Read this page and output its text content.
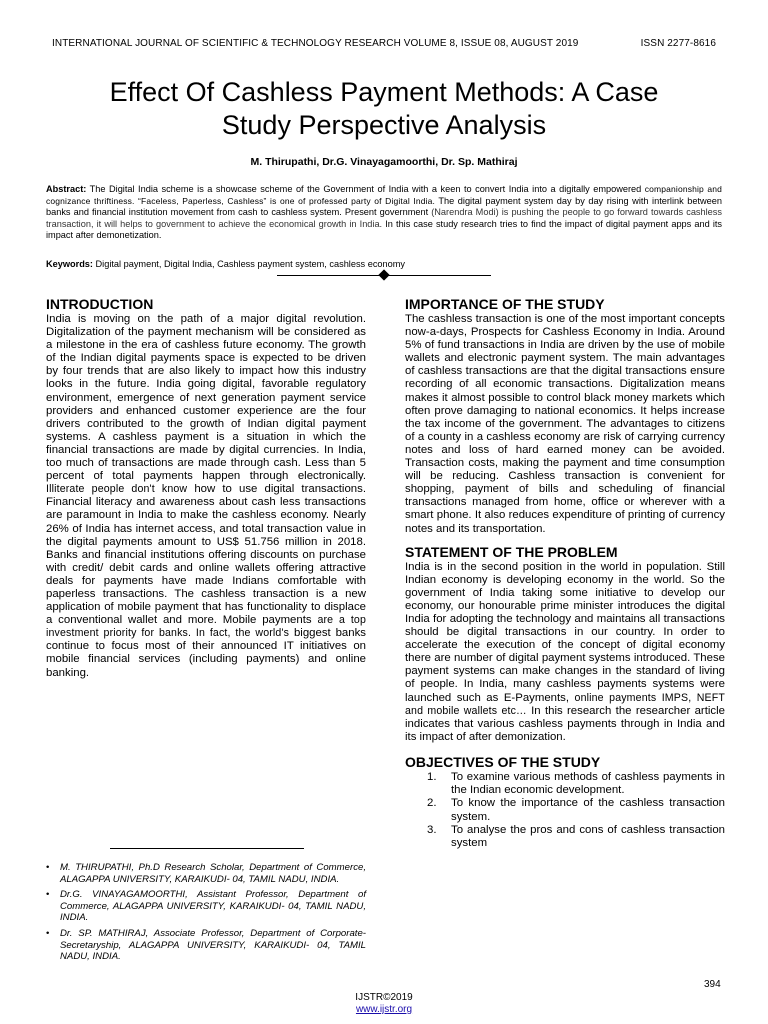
INTERNATIONAL JOURNAL OF SCIENTIFIC & TECHNOLOGY RESEARCH VOLUME 8, ISSUE 08, AUGUST 2019	ISSN 2277-8616
Effect Of Cashless Payment Methods: A Case
Study Perspective Analysis
M. Thirupathi, Dr.G. Vinayagamoorthi, Dr. Sp. Mathiraj
Abstract: The Digital India scheme is a showcase scheme of the Government of India with a keen to convert India into a digitally empowered companionship and cognizance thriftiness. “Faceless, Paperless, Cashless” is one of professed party of Digital India. The digital payment system day by day rising with interlink between banks and financial institution movement from cash to cashless system. Present government (Narendra Modi) is pushing the people to go forward towards cashless transaction, it will helps to government to achieve the economical growth in India. In this case study research tries to find the impact of digital payment apps and its impact after demonetization.
Keywords: Digital payment, Digital India, Cashless payment system, cashless economy
INTRODUCTION

India is moving on the path of a major digital revolution. Digitalization of the payment mechanism will be considered as a milestone in the era of cashless future economy. The growth of the Indian digital payments space is expected to be driven by four trends that are also likely to impact how this industry looks in the future. India going digital, favorable regulatory environment, emergence of next generation payment service providers and enhanced customer experience are the four drivers contributed to the growth of Indian digital payment systems. A cashless payment is a situation in which the financial transactions are made by digital currencies. In India, too much of transactions are made through cash. Less than 5 percent of total payments happen through electronically. Illiterate people don't know how to use digital transactions. Financial literacy and awareness about cash less transactions are paramount in India to make the cashless economy. Nearly 26% of India has internet access, and total transaction value in the digital payments amount to US$ 51.756 million in 2018. Banks and financial institutions offering discounts on purchase with credit/ debit cards and online wallets offering attractive deals for payments have made Indians comfortable with paperless transactions. The cashless transaction is a new application of mobile payment that has functionality to displace a conventional wallet and more. Mobile payments are a top investment priority for banks. In fact, the world's biggest banks continue to focus most of their announced IT initiatives on mobile financial services (including payments) and online banking.

IMPORTANCE OF THE STUDY

The cashless transaction is one of the most important concepts now-a-days, Prospects for Cashless Economy in India. Around 5% of fund transactions in India are driven by the use of mobile wallets and electronic payment system. The main advantages of cashless transactions are that the digital transactions ensure recording of all economic transactions. Digitalization means makes it almost possible to control black money markets which often prove damaging to national economics. It helps increase the tax income of the government. The advantages to citizens of a county in a cashless economy are risk of carrying currency notes and loss of hard earned money can be avoided. Transaction costs, making the payment and time consumption will be reducing. Cashless transaction is convenient for shopping, payment of bills and scheduling of financial transactions managed from home, office or wherever with a smart phone. It also reduces expenditure of printing of currency notes and its transportation.

STATEMENT OF THE PROBLEM

India is in the second position in the world in population. Still Indian economy is developing economy in the world. So the government of India taking some initiative to develop our economy, our honourable prime minister introduces the digital India for adopting the technology and maintains all transactions should be digital transactions in our country. In order to accelerate the execution of the concept of digital economy there are number of digital payment systems introduced. These payment systems can make changes in the standard of living of people. In India, many cashless payments systems were launched such as E-Payments, online payments IMPS, NEFT and mobile wallets etc… In this research the researcher article indicates that various cashless payments through in India and its impact of after demonization.

OBJECTIVES OF THE STUDY
1.	To examine various methods of cashless payments in the Indian economic development.
2.	To know the importance of the cashless transaction system.
3.	To analyse the pros and cons of cashless transaction system
•	M. THIRUPATHI, Ph.D Research Scholar, Department of Commerce, ALAGAPPA UNIVERSITY, KARAIKUDI- 04, TAMIL NADU, INDIA.
•	Dr.G. VINAYAGAMOORTHI, Assistant Professor, Department of Commerce, ALAGAPPA UNIVERSITY, KARAIKUDI- 04, TAMIL NADU, INDIA.
•	Dr. SP. MATHIRAJ, Associate Professor, Department of Corporate-Secretaryship, ALAGAPPA UNIVERSITY, KARAIKUDI- 04, TAMIL NADU, INDIA.
394
IJSTR©2019
www.ijstr.org
